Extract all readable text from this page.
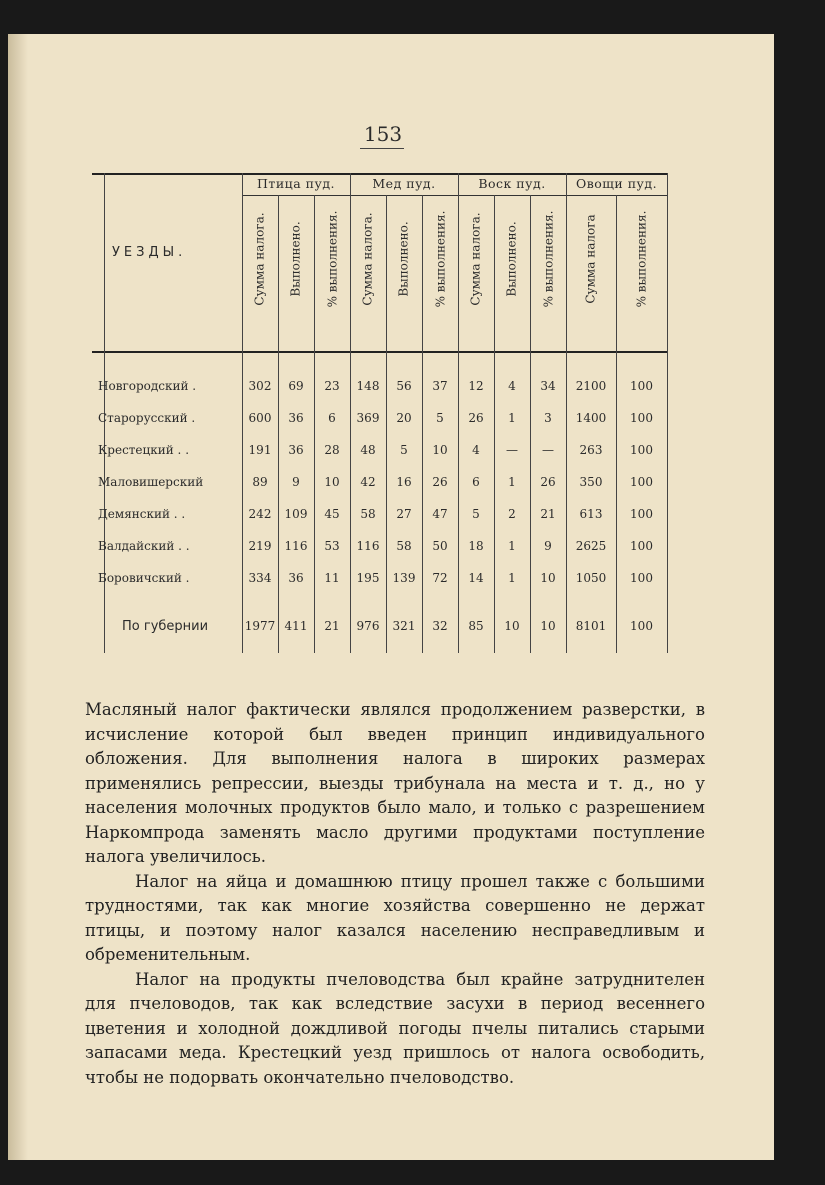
153
УЕЗДЫ.
Птица пуд.	Мед пуд.	Воск пуд.	Овощи пуд.
Сумма налога. Выполнено. % выполнения. Сумма налога. Выполнено. % выполнения. Сумма налога. Выполнено. % выполнения. Сумма налога	% выполнения.
Новгородский .	302	69	23	148	56	37	12	4	34	2100	100
Старорусский .	600	36	6	369	20	5	26	1	3	1400	100
Крестецкий . .	191	36	28	48	5	10	4	—	—	263	100
Маловишерский	89	9	10	42	16	26	6	1	26	350	100
Демянский . .	242	109	45	58	27	47	5	2	21	613	100
Валдайский . .	219	116	53	116	58	50	18	1	9	2625	100
Боровичский .	334	36	11	195	139	72	14	1	10	1050	100
По губернии	1977 411	21	976	321	32	85	10	10	8101	100

Масляный налог фактически являлся продолжением разверстки, в исчисление которой был введен принцип индивидуального обложения. Для выполнения налога в широких размерах применялись репрессии, выезды трибунала на места и т. д., но у населения молочных продуктов было мало, и только с разрешением Наркомпрода заменять масло другими продуктами поступление налога увеличилось.

Налог на яйца и домашнюю птицу прошел также с большими трудностями, так как многие хозяйства совершенно не держат птицы, и поэтому налог казался населению несправедливым и обременительным.

Налог на продукты пчеловодства был крайне затруднителен для пчеловодов, так как вследствие засухи в период весеннего цветения и холодной дождливой погоды пчелы питались старыми запасами меда. Крестецкий уезд пришлось от налога освободить, чтобы не подорвать окончательно пчеловодство.
